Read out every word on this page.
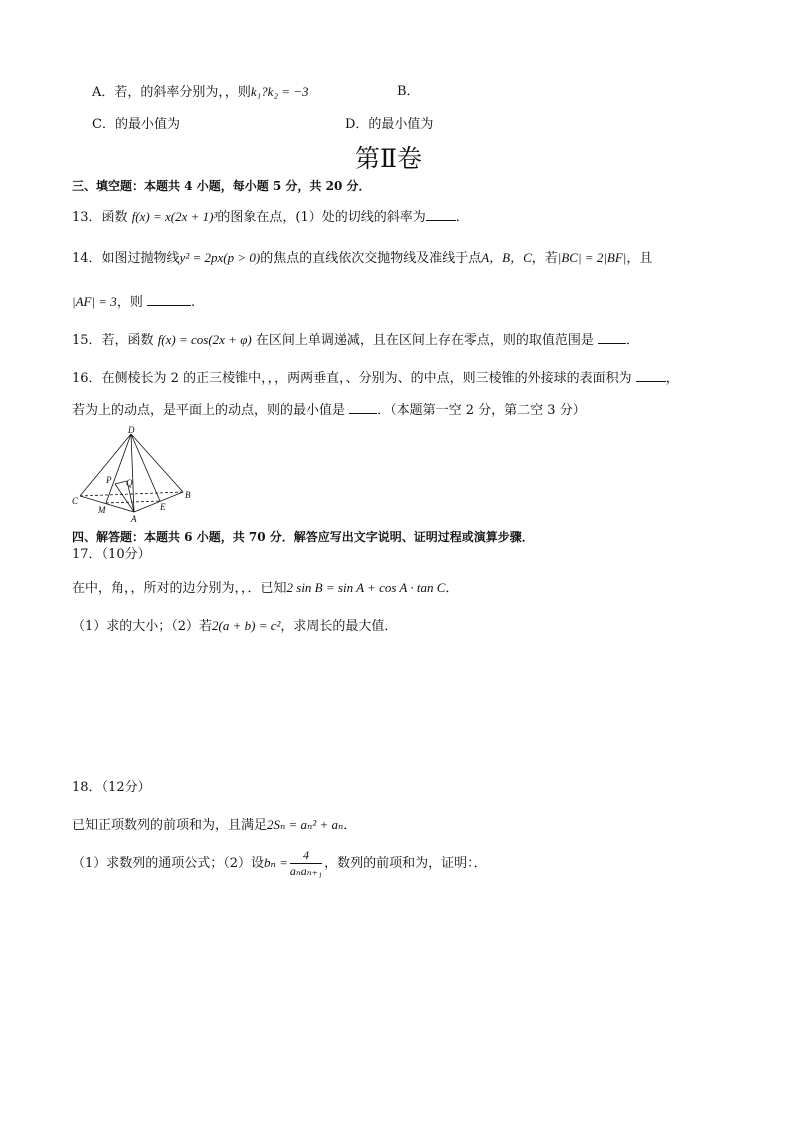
A．若，的斜率分别为，，则k₁?k₂ = −3	B．
C．的最小值为	D．的最小值为
第Ⅱ卷
三、填空题：本题共 4 小题，每小题 5 分，共 20 分．
13．函数 f(x) = x(2x + 1)³的图象在点，(1）处的切线的斜率为 ．
14．如图过抛物线y² = 2px(p > 0)的焦点的直线依次交抛物线及准线于点A，B，C，若|BC| = 2|BF|，且
|AF| = 3，则	.
15．若，函数 f(x) = cos(2x + φ) 在区间上单调递减，且在区间上存在零点，则的取值范围是 ．
16．在侧棱长为 2 的正三棱锥中，，，两两垂直，、分别为、的中点，则三棱锥的外接球的表面积为 ，
若为上的动点，是平面上的动点，则的最小值是 ．（本题第一空 2 分，第二空 3 分）
D
P Q
C
B
M
A
E
四、解答题：本题共 6 小题，共 70 分．解答应写出文字说明、证明过程或演算步骤．
17．（10分）
在中，角，，所对的边分别为，，．已知2 sin B = sin A + cos A · tan C．
（1）求的大小；（2）若2(a + b) = c²，求周长的最大值．
18．（12分）
已知正项数列的前项和为，且满足2Sₙ = aₙ² + aₙ．
（1）求数列的通项公式；（2）设$b_n = \frac{4}{\text{aₙaₙ₊₁}}$ ，数列的前项和为，证明：．
